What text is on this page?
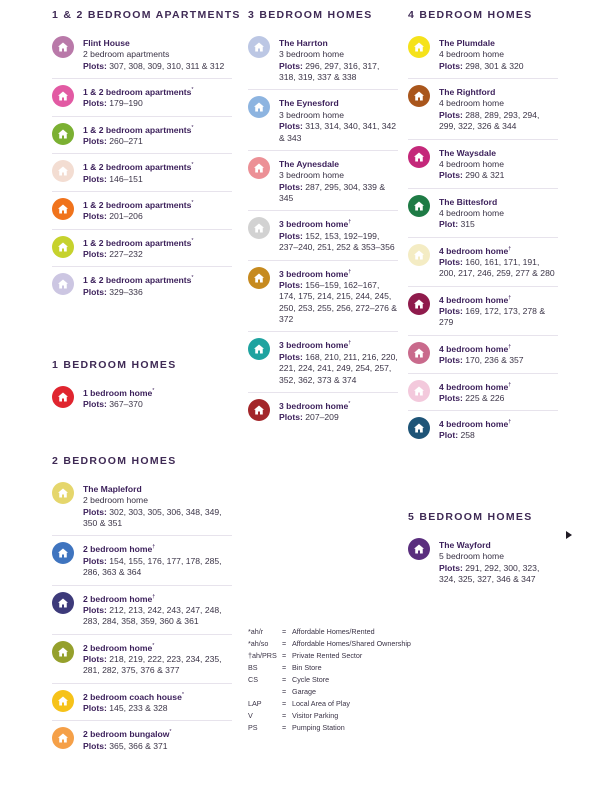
1 & 2 BEDROOM APARTMENTS
Flint House
2 bedroom apartments
Plots: 307, 308, 309, 310, 311 & 312
1 & 2 bedroom apartments*
Plots: 179–190
1 & 2 bedroom apartments*
Plots: 260–271
1 & 2 bedroom apartments*
Plots: 146–151
1 & 2 bedroom apartments*
Plots: 201–206
1 & 2 bedroom apartments*
Plots: 227–232
1 & 2 bedroom apartments*
Plots: 329–336
1 BEDROOM HOMES
1 bedroom home*
Plots: 367–370
2 BEDROOM HOMES
The Mapleford
2 bedroom home
Plots: 302, 303, 305, 306, 348, 349, 350 & 351
2 bedroom home†
Plots: 154, 155, 176, 177, 178, 285, 286, 363 & 364
2 bedroom home†
Plots: 212, 213, 242, 243, 247, 248, 283, 284, 358, 359, 360 & 361
2 bedroom home*
Plots: 218, 219, 222, 223, 234, 235, 281, 282, 375, 376 & 377
2 bedroom coach house*
Plots: 145, 233 & 328
2 bedroom bungalow*
Plots: 365, 366 & 371
3 BEDROOM HOMES
The Harrton
3 bedroom home
Plots: 296, 297, 316, 317, 318, 319, 337 & 338
The Eynesford
3 bedroom home
Plots: 313, 314, 340, 341, 342 & 343
The Aynesdale
3 bedroom home
Plots: 287, 295, 304, 339 & 345
3 bedroom home†
Plots: 152, 153, 192–199, 237–240, 251, 252 & 353–356
3 bedroom home†
Plots: 156–159, 162–167, 174, 175, 214, 215, 244, 245, 250, 253, 255, 256, 272–276 & 372
3 bedroom home†
Plots: 168, 210, 211, 216, 220, 221, 224, 241, 249, 254, 257, 352, 362, 373 & 374
3 bedroom home*
Plots: 207–209
4 BEDROOM HOMES
The Plumdale
4 bedroom home
Plots: 298, 301 & 320
The Rightford
4 bedroom home
Plots: 288, 289, 293, 294, 299, 322, 326 & 344
The Waysdale
4 bedroom home
Plots: 290 & 321
The Bittesford
4 bedroom home
Plot: 315
4 bedroom home†
Plots: 160, 161, 171, 191, 200, 217, 246, 259, 277 & 280
4 bedroom home†
Plots: 169, 172, 173, 278 & 279
4 bedroom home†
Plots: 170, 236 & 357
4 bedroom home†
Plots: 225 & 226
4 bedroom home†
Plot: 258
5 BEDROOM HOMES
The Wayford
5 bedroom home
Plots: 291, 292, 300, 323, 324, 325, 327, 346 & 347
*ah/r	= Affordable Homes/Rented
*ah/so	= Affordable Homes/Shared Ownership
†ah/PRS = Private Rented Sector
BS	= Bin Store
CS	= Cycle Store
= Garage
LAP	= Local Area of Play
V	= Visitor Parking
PS	= Pumping Station
